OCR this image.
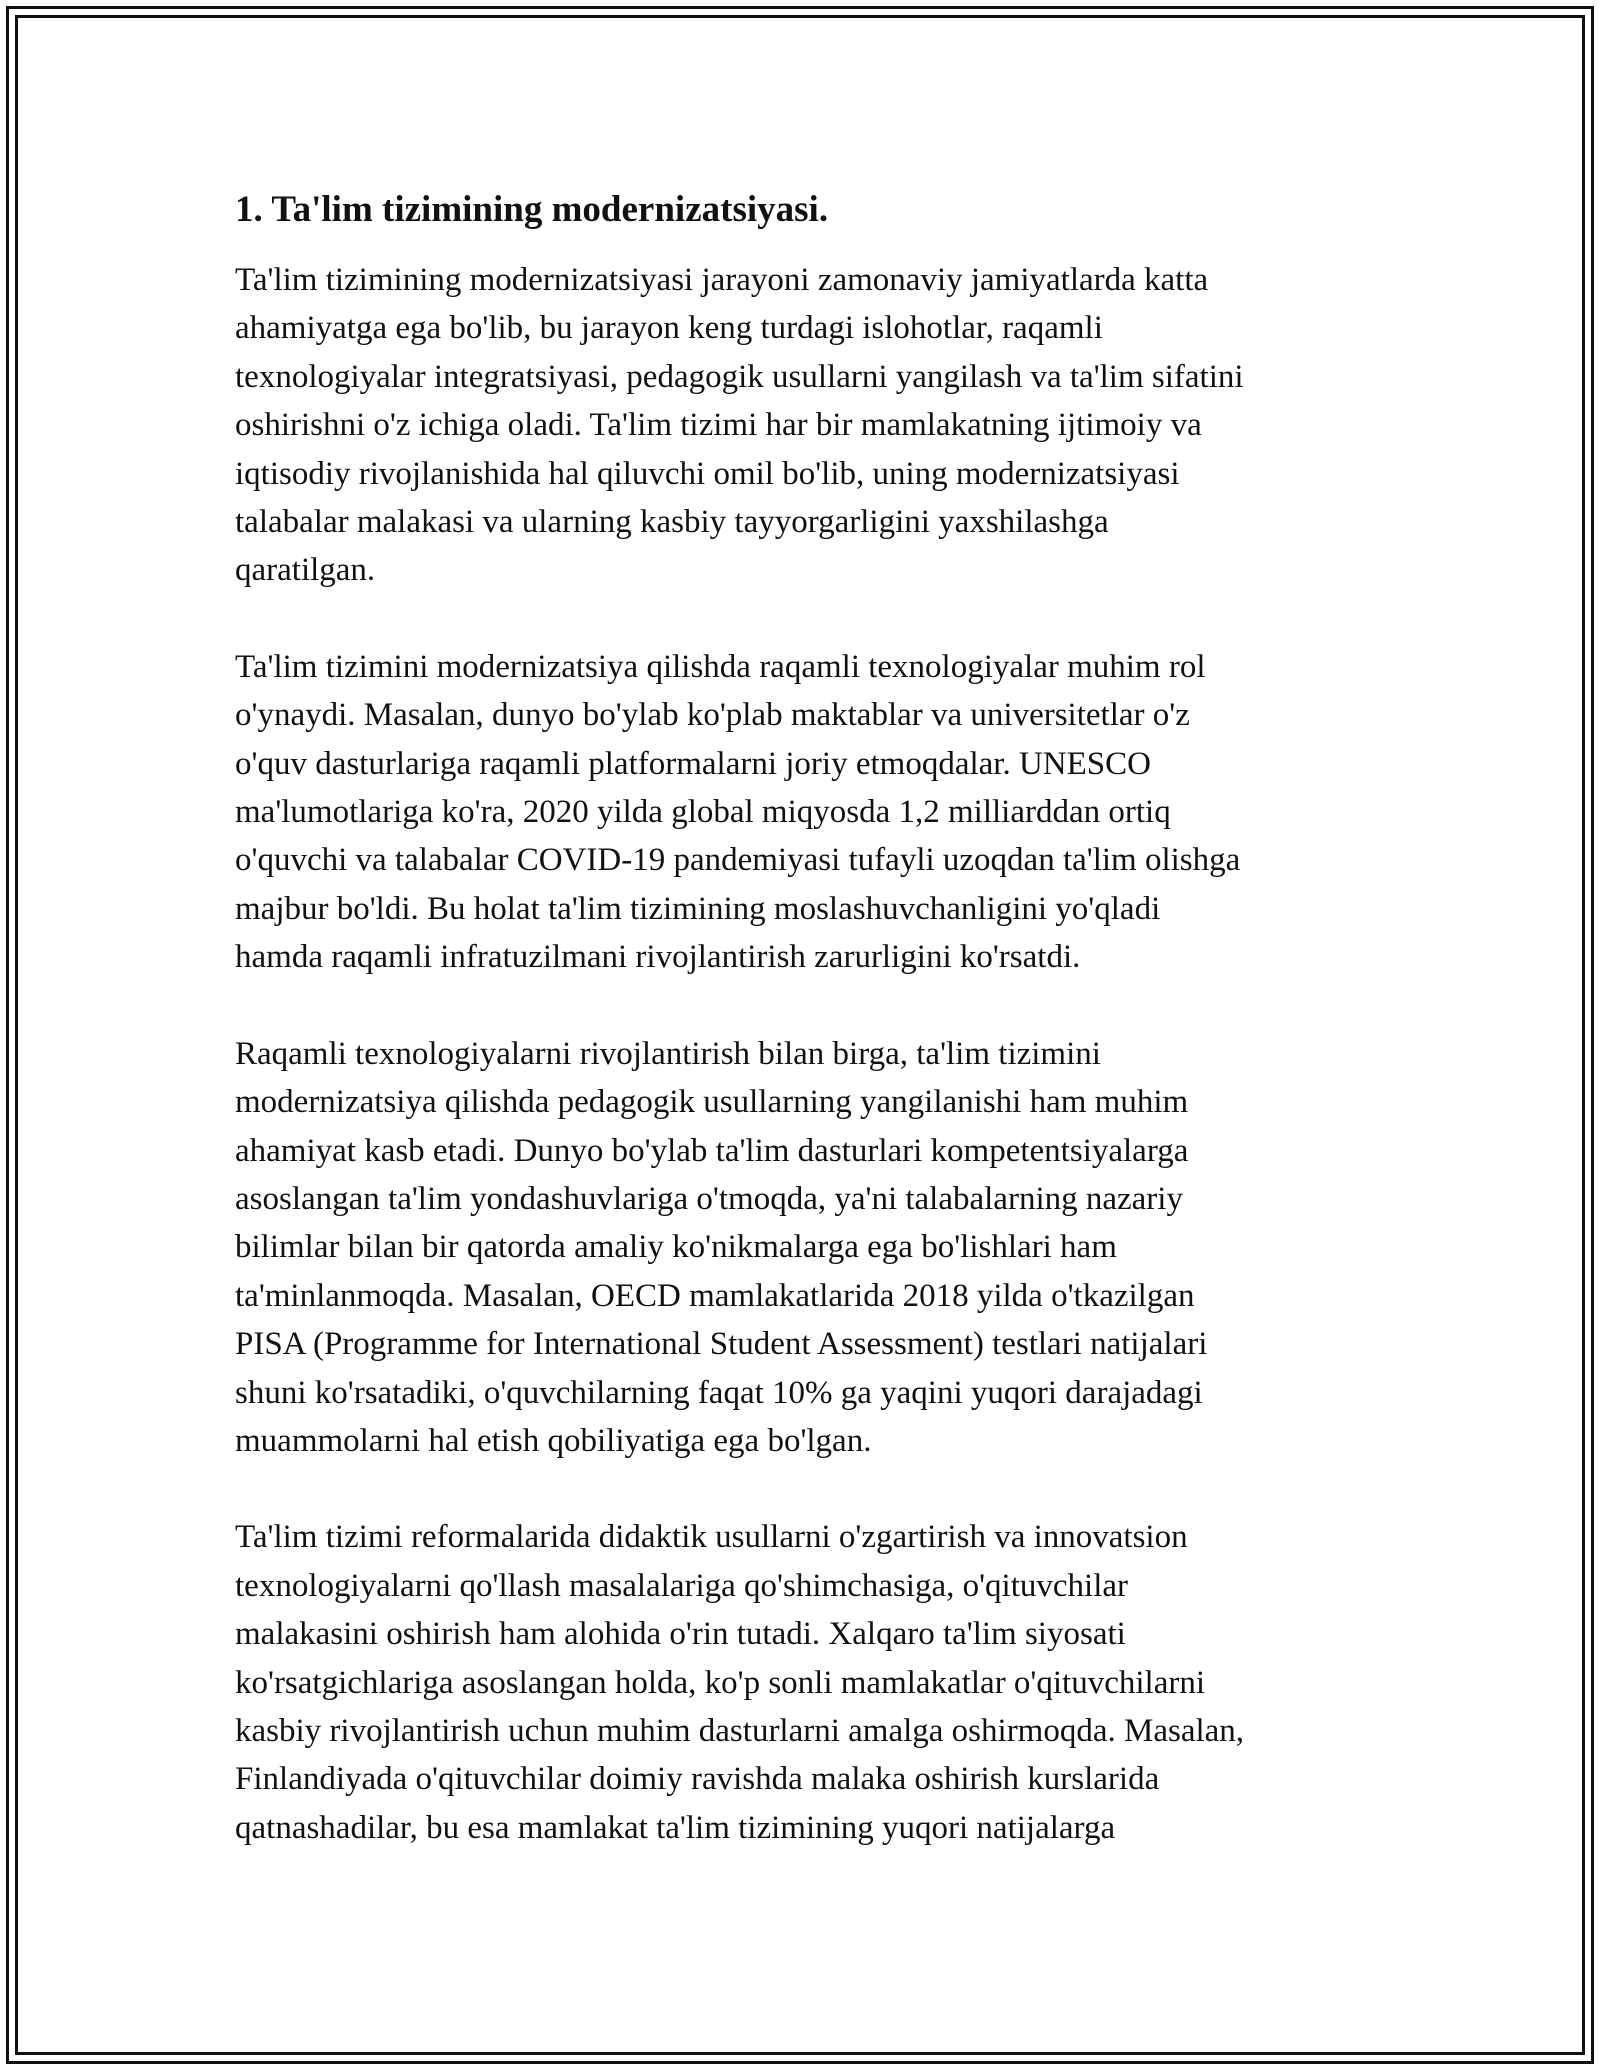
1. Ta'lim tizimining modernizatsiyasi.

Ta'lim tizimining modernizatsiyasi jarayoni zamonaviy jamiyatlarda katta
ahamiyatga ega bo'lib, bu jarayon keng turdagi islohotlar, raqamli
texnologiyalar integratsiyasi, pedagogik usullarni yangilash va ta'lim sifatini
oshirishni o'z ichiga oladi. Ta'lim tizimi har bir mamlakatning ijtimoiy va
iqtisodiy rivojlanishida hal qiluvchi omil bo'lib, uning modernizatsiyasi
talabalar malakasi va ularning kasbiy tayyorgarligini yaxshilashga
qaratilgan.

Ta'lim tizimini modernizatsiya qilishda raqamli texnologiyalar muhim rol
o'ynaydi. Masalan, dunyo bo'ylab ko'plab maktablar va universitetlar o'z
o'quv dasturlariga raqamli platformalarni joriy etmoqdalar. UNESCO
ma'lumotlariga ko'ra, 2020 yilda global miqyosda 1,2 milliarddan ortiq
o'quvchi va talabalar COVID-19 pandemiyasi tufayli uzoqdan ta'lim olishga
majbur bo'ldi. Bu holat ta'lim tizimining moslashuvchanligini yo'qladi
hamda raqamli infratuzilmani rivojlantirish zarurligini ko'rsatdi.

Raqamli texnologiyalarni rivojlantirish bilan birga, ta'lim tizimini
modernizatsiya qilishda pedagogik usullarning yangilanishi ham muhim
ahamiyat kasb etadi. Dunyo bo'ylab ta'lim dasturlari kompetentsiyalarga
asoslangan ta'lim yondashuvlariga o'tmoqda, ya'ni talabalarning nazariy
bilimlar bilan bir qatorda amaliy ko'nikmalarga ega bo'lishlari ham
ta'minlanmoqda. Masalan, OECD mamlakatlarida 2018 yilda o'tkazilgan
PISA (Programme for International Student Assessment) testlari natijalari
shuni ko'rsatadiki, o'quvchilarning faqat 10% ga yaqini yuqori darajadagi
muammolarni hal etish qobiliyatiga ega bo'lgan.

Ta'lim tizimi reformalarida didaktik usullarni o'zgartirish va innovatsion
texnologiyalarni qo'llash masalalariga qo'shimchasiga, o'qituvchilar
malakasini oshirish ham alohida o'rin tutadi. Xalqaro ta'lim siyosati
ko'rsatgichlariga asoslangan holda, ko'p sonli mamlakatlar o'qituvchilarni
kasbiy rivojlantirish uchun muhim dasturlarni amalga oshirmoqda. Masalan,
Finlandiyada o'qituvchilar doimiy ravishda malaka oshirish kurslarida
qatnashadilar, bu esa mamlakat ta'lim tizimining yuqori natijalarga
